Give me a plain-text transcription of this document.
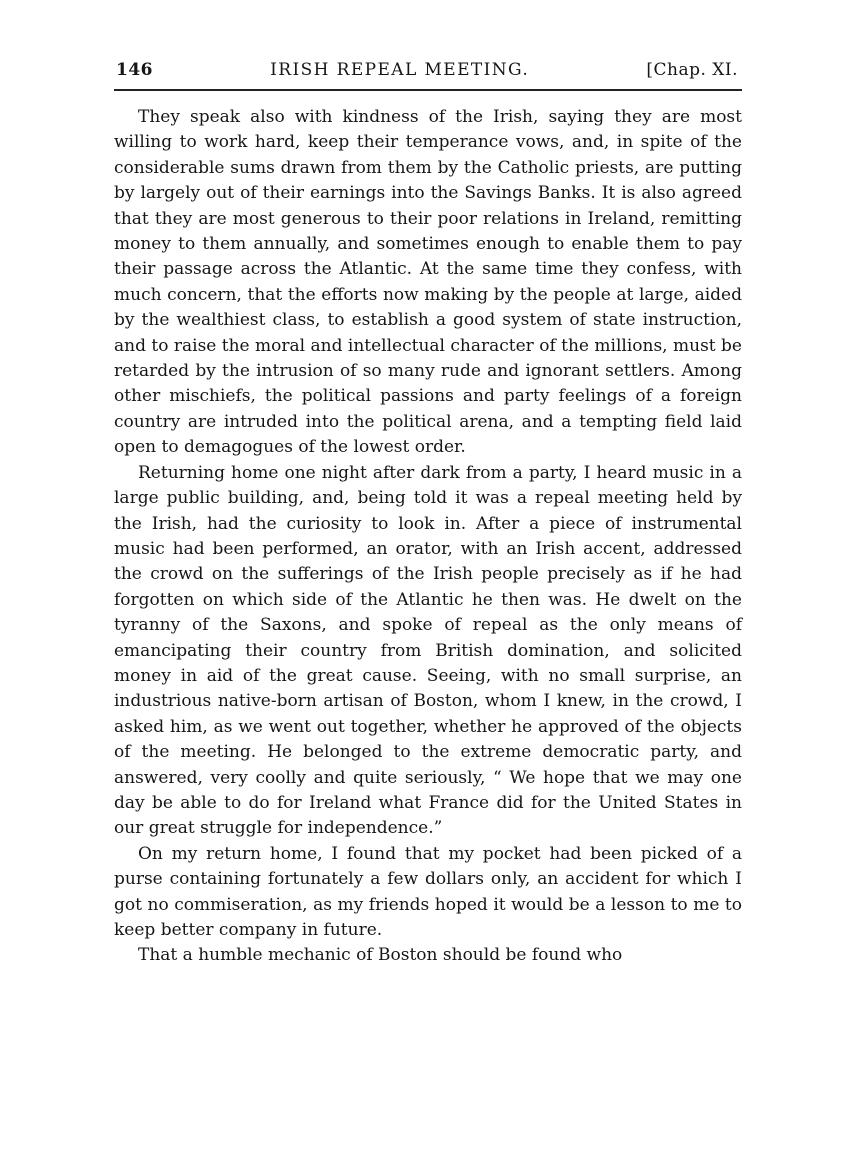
146	IRISH REPEAL MEETING.	[Chap. XI.

They speak also with kindness of the Irish, saying they are most willing to work hard, keep their temperance vows, and, in spite of the considerable sums drawn from them by the Catholic priests, are putting by largely out of their earnings into the Savings Banks. It is also agreed that they are most generous to their poor relations in Ireland, remitting money to them annually, and sometimes enough to enable them to pay their passage across the Atlantic. At the same time they confess, with much concern, that the efforts now making by the people at large, aided by the wealthiest class, to establish a good system of state instruction, and to raise the moral and intellectual character of the millions, must be retarded by the intrusion of so many rude and ignorant settlers. Among other mischiefs, the political passions and party feelings of a foreign country are intruded into the political arena, and a tempting field laid open to demagogues of the lowest order.

Returning home one night after dark from a party, I heard music in a large public building, and, being told it was a repeal meeting held by the Irish, had the curiosity to look in. After a piece of instrumental music had been performed, an orator, with an Irish accent, addressed the crowd on the sufferings of the Irish people precisely as if he had forgotten on which side of the Atlantic he then was. He dwelt on the tyranny of the Saxons, and spoke of repeal as the only means of emancipating their country from British domination, and solicited money in aid of the great cause. Seeing, with no small surprise, an industrious native-born artisan of Boston, whom I knew, in the crowd, I asked him, as we went out together, whether he approved of the objects of the meeting. He belonged to the extreme democratic party, and answered, very coolly and quite seriously, “ We hope that we may one day be able to do for Ireland what France did for the United States in our great struggle for independence.”

On my return home, I found that my pocket had been picked of a purse containing fortunately a few dollars only, an accident for which I got no commiseration, as my friends hoped it would be a lesson to me to keep better company in future.

That a humble mechanic of Boston should be found who
